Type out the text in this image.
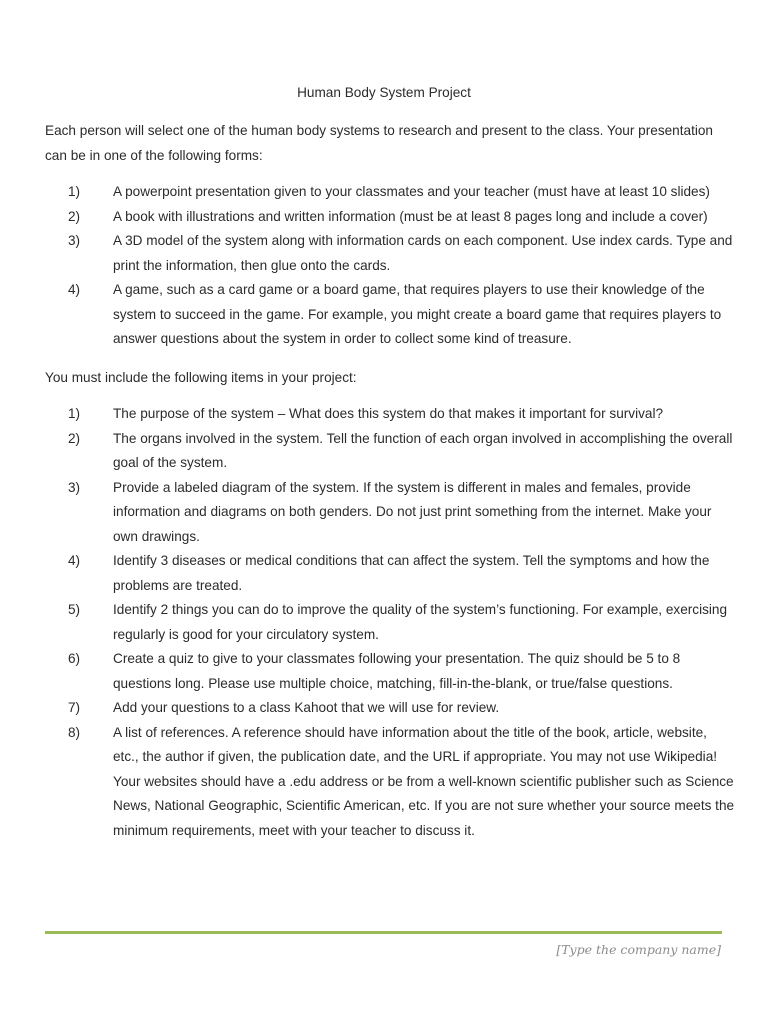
Human Body System Project

Each person will select one of the human body systems to research and present to the class. Your presentation can be in one of the following forms:

1) A powerpoint presentation given to your classmates and your teacher (must have at least 10 slides)
2) A book with illustrations and written information (must be at least 8 pages long and include a cover)
3) A 3D model of the system along with information cards on each component. Use index cards. Type and print the information, then glue onto the cards.
4) A game, such as a card game or a board game, that requires players to use their knowledge of the system to succeed in the game. For example, you might create a board game that requires players to answer questions about the system in order to collect some kind of treasure.

You must include the following items in your project:

1) The purpose of the system – What does this system do that makes it important for survival?
2) The organs involved in the system. Tell the function of each organ involved in accomplishing the overall goal of the system.
3) Provide a labeled diagram of the system. If the system is different in males and females, provide information and diagrams on both genders. Do not just print something from the internet. Make your own drawings.
4) Identify 3 diseases or medical conditions that can affect the system. Tell the symptoms and how the problems are treated.
5) Identify 2 things you can do to improve the quality of the system’s functioning. For example, exercising regularly is good for your circulatory system.
6) Create a quiz to give to your classmates following your presentation. The quiz should be 5 to 8 questions long. Please use multiple choice, matching, fill-in-the-blank, or true/false questions.
7) Add your questions to a class Kahoot that we will use for review.
8) A list of references. A reference should have information about the title of the book, article, website, etc., the author if given, the publication date, and the URL if appropriate. You may not use Wikipedia! Your websites should have a .edu address or be from a well-known scientific publisher such as Science News, National Geographic, Scientific American, etc. If you are not sure whether your source meets the minimum requirements, meet with your teacher to discuss it.
[Type the company name]
